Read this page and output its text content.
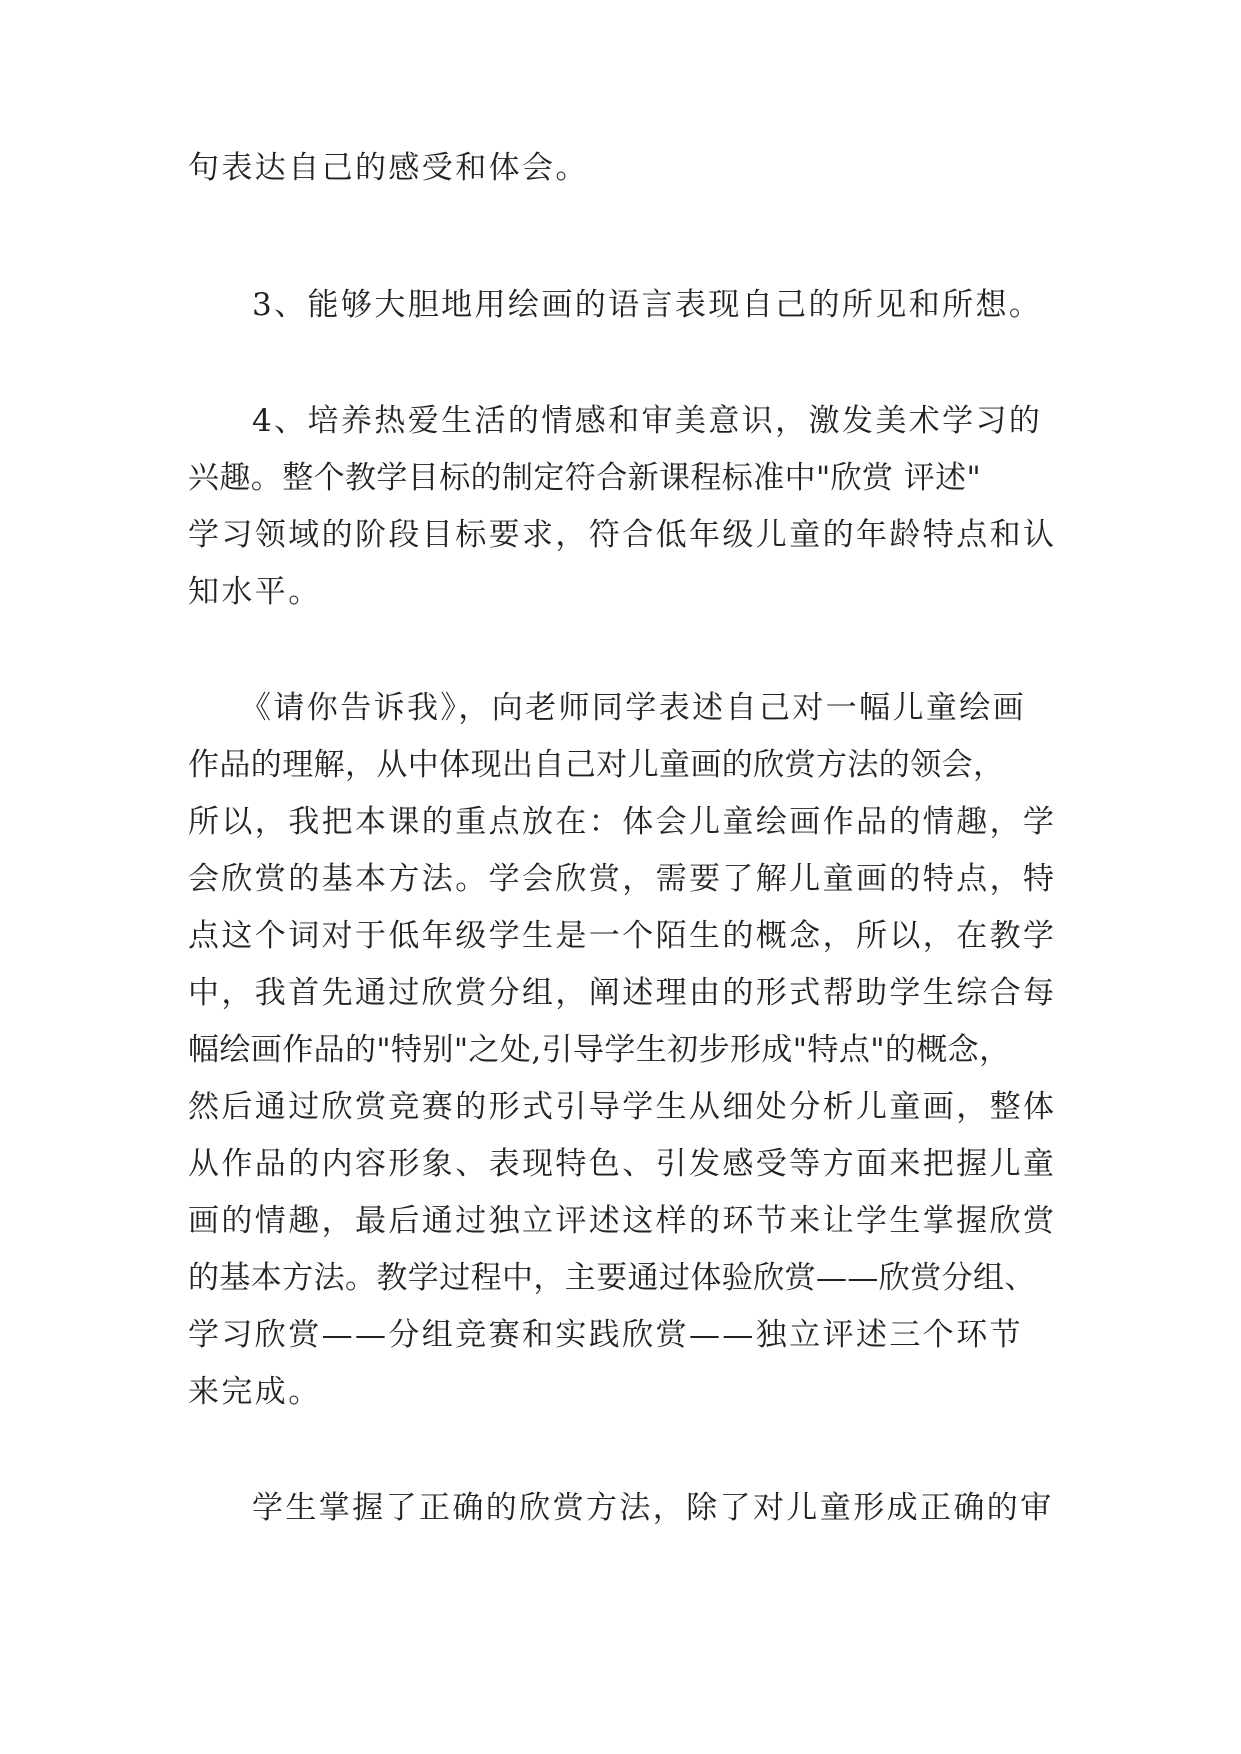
句表达自己的感受和体会。

3、能够大胆地用绘画的语言表现自己的所见和所想。

4、培养热爱生活的情感和审美意识，激发美术学习的

兴趣。整个教学目标的制定符合新课程标准中"欣赏 评述"

学习领域的阶段目标要求，符合低年级儿童的年龄特点和认

知水平。

《请你告诉我》，向老师同学表述自己对一幅儿童绘画

作品的理解，从中体现出自己对儿童画的欣赏方法的领会，

所以，我把本课的重点放在：体会儿童绘画作品的情趣，学

会欣赏的基本方法。学会欣赏，需要了解儿童画的特点，特

点这个词对于低年级学生是一个陌生的概念，所以，在教学

中，我首先通过欣赏分组，阐述理由的形式帮助学生综合每

幅绘画作品的"特别"之处,引导学生初步形成"特点"的概念，

然后通过欣赏竞赛的形式引导学生从细处分析儿童画，整体

从作品的内容形象、表现特色、引发感受等方面来把握儿童

画的情趣，最后通过独立评述这样的环节来让学生掌握欣赏

的基本方法。教学过程中，主要通过体验欣赏——欣赏分组、

学习欣赏——分组竞赛和实践欣赏——独立评述三个环节

来完成。

学生掌握了正确的欣赏方法，除了对儿童形成正确的审
